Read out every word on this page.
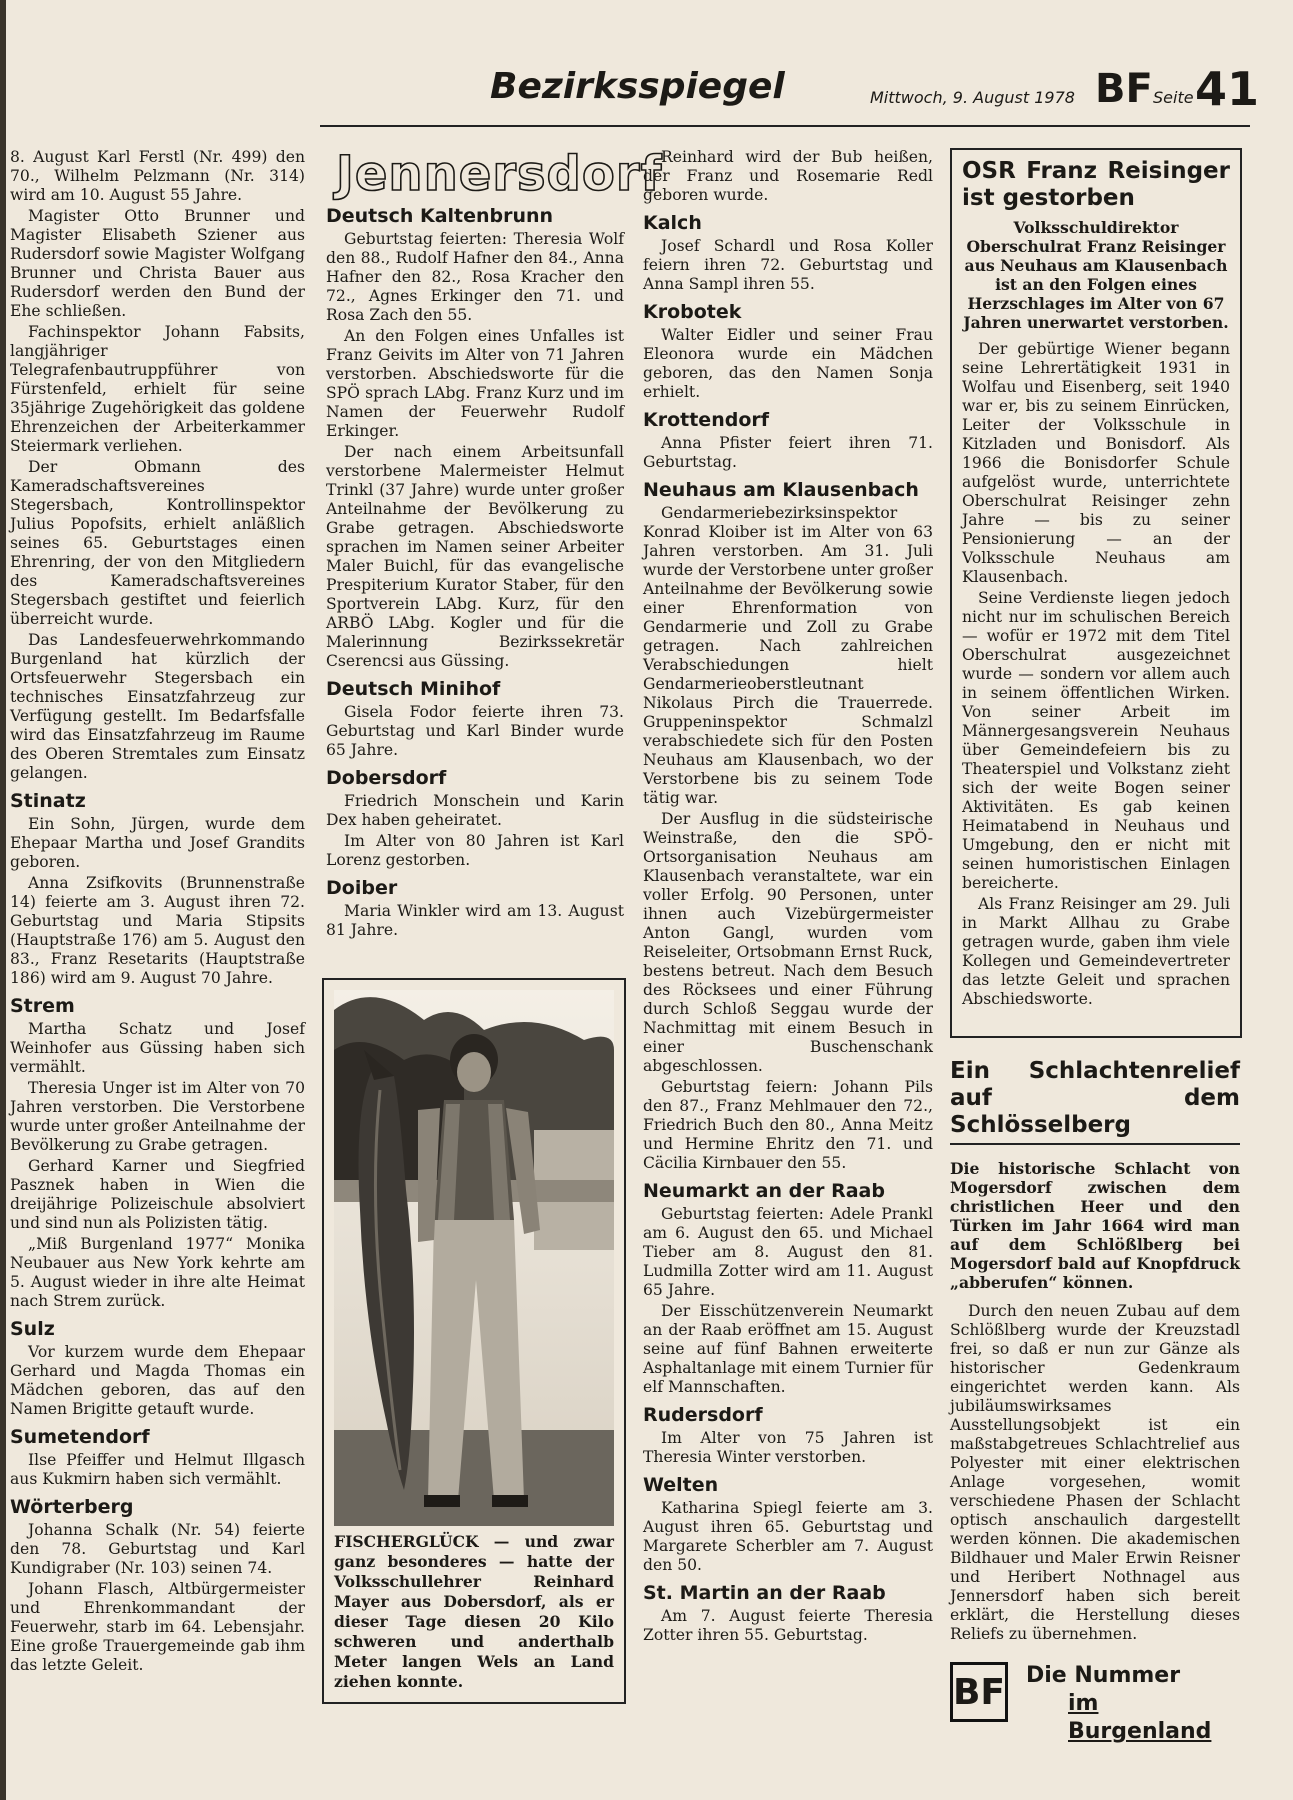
Bezirksspiegel	Mittwoch, 9. August 1978 BF Seite 41

8. August Karl Ferstl (Nr. 499) den 70., Wilhelm Pelzmann (Nr. 314) wird am 10. August 55 Jahre.

Magister Otto Brunner und Magister Elisabeth Sziener aus Rudersdorf sowie Magister Wolfgang Brunner und Christa Bauer aus Rudersdorf werden den Bund der Ehe schließen.

Fachinspektor Johann Fabsits, langjähriger Telegrafenbautruppführer von Fürstenfeld, erhielt für seine 35jährige Zugehörigkeit das goldene Ehrenzeichen der Arbeiterkammer Steiermark verliehen.

Der Obmann des Kameradschaftsvereines Stegersbach, Kontrollinspektor Julius Popofsits, erhielt anläßlich seines 65. Geburtstages einen Ehrenring, der von den Mitgliedern des Kameradschaftsvereines Stegersbach gestiftet und feierlich überreicht wurde.

Das Landesfeuerwehrkommando Burgenland hat kürzlich der Ortsfeuerwehr Stegersbach ein technisches Einsatzfahrzeug zur Verfügung gestellt. Im Bedarfsfalle wird das Einsatzfahrzeug im Raume des Oberen Stremtales zum Einsatz gelangen.

Stinatz

Ein Sohn, Jürgen, wurde dem Ehepaar Martha und Josef Grandits geboren.

Anna Zsifkovits (Brunnenstraße 14) feierte am 3. August ihren 72. Geburtstag und Maria Stipsits (Hauptstraße 176) am 5. August den 83., Franz Resetarits (Hauptstraße 186) wird am 9. August 70 Jahre.

Strem

Martha Schatz und Josef Weinhofer aus Güssing haben sich vermählt.

Theresia Unger ist im Alter von 70 Jahren verstorben. Die Verstorbene wurde unter großer Anteilnahme der Bevölkerung zu Grabe getragen.

Gerhard Karner und Siegfried Pasznek haben in Wien die dreijährige Polizeischule absolviert und sind nun als Polizisten tätig.

„Miß Burgenland 1977“ Monika Neubauer aus New York kehrte am 5. August wieder in ihre alte Heimat nach Strem zurück.

Sulz

Vor kurzem wurde dem Ehepaar Gerhard und Magda Thomas ein Mädchen geboren, das auf den Namen Brigitte getauft wurde.

Sumetendorf

Ilse Pfeiffer und Helmut Illgasch aus Kukmirn haben sich vermählt.

Wörterberg

Johanna Schalk (Nr. 54) feierte den 78. Geburtstag und Karl Kundigraber (Nr. 103) seinen 74.

Johann Flasch, Altbürgermeister und Ehrenkommandant der Feuerwehr, starb im 64. Lebensjahr. Eine große Trauergemeinde gab ihm das letzte Geleit.

Jennersdorf
Deutsch Kaltenbrunn

Geburtstag feierten: Theresia Wolf den 88., Rudolf Hafner den 84., Anna Hafner den 82., Rosa Kracher den 72., Agnes Erkinger den 71. und Rosa Zach den 55.

An den Folgen eines Unfalles ist Franz Geivits im Alter von 71 Jahren verstorben. Abschiedsworte für die SPÖ sprach LAbg. Franz Kurz und im Namen der Feuerwehr Rudolf Erkinger.

Der nach einem Arbeitsunfall verstorbene Malermeister Helmut Trinkl (37 Jahre) wurde unter großer Anteilnahme der Bevölkerung zu Grabe getragen. Abschiedsworte sprachen im Namen seiner Arbeiter Maler Buichl, für das evangelische Prespiterium Kurator Staber, für den Sportverein LAbg. Kurz, für den ARBÖ LAbg. Kogler und für die Malerinnung Bezirkssekretär Cserencsi aus Güssing.

Deutsch Minihof

Gisela Fodor feierte ihren 73. Geburtstag und Karl Binder wurde 65 Jahre.

Dobersdorf

Friedrich Monschein und Karin Dex haben geheiratet.

Im Alter von 80 Jahren ist Karl Lorenz gestorben.

Doiber

Maria Winkler wird am 13. August 81 Jahre.

FISCHERGLÜCK — und zwar ganz besonderes — hatte der Volksschullehrer Reinhard Mayer aus Dobersdorf, als er dieser Tage diesen 20 Kilo schweren und anderthalb Meter langen Wels an Land ziehen konnte.

Reinhard wird der Bub heißen, der Franz und Rosemarie Redl geboren wurde.

Kalch

Josef Schardl und Rosa Koller feiern ihren 72. Geburtstag und Anna Sampl ihren 55.

Krobotek

Walter Eidler und seiner Frau Eleonora wurde ein Mädchen geboren, das den Namen Sonja erhielt.

Krottendorf

Anna Pfister feiert ihren 71. Geburtstag.

Neuhaus am Klausenbach

Gendarmeriebezirksinspektor Konrad Kloiber ist im Alter von 63 Jahren verstorben. Am 31. Juli wurde der Verstorbene unter großer Anteilnahme der Bevölkerung sowie einer Ehrenformation von Gendarmerie und Zoll zu Grabe getragen. Nach zahlreichen Verabschiedungen hielt Gendarmerieoberstleutnant Nikolaus Pirch die Trauerrede. Gruppeninspektor Schmalzl verabschiedete sich für den Posten Neuhaus am Klausenbach, wo der Verstorbene bis zu seinem Tode tätig war.

Der Ausflug in die südsteirische Weinstraße, den die SPÖ-Ortsorganisation Neuhaus am Klausenbach veranstaltete, war ein voller Erfolg. 90 Personen, unter ihnen auch Vizebürgermeister Anton Gangl, wurden vom Reiseleiter, Ortsobmann Ernst Ruck, bestens betreut. Nach dem Besuch des Röcksees und einer Führung durch Schloß Seggau wurde der Nachmittag mit einem Besuch in einer Buschenschank abgeschlossen.

Geburtstag feiern: Johann Pils den 87., Franz Mehlmauer den 72., Friedrich Buch den 80., Anna Meitz und Hermine Ehritz den 71. und Cäcilia Kirnbauer den 55.

Neumarkt an der Raab

Geburtstag feierten: Adele Prankl am 6. August den 65. und Michael Tieber am 8. August den 81. Ludmilla Zotter wird am 11. August 65 Jahre.

Der Eisschützenverein Neumarkt an der Raab eröffnet am 15. August seine auf fünf Bahnen erweiterte Asphaltanlage mit einem Turnier für elf Mannschaften.

Rudersdorf

Im Alter von 75 Jahren ist Theresia Winter verstorben.

Welten

Katharina Spiegl feierte am 3. August ihren 65. Geburtstag und Margarete Scherbler am 7. August den 50.

St. Martin an der Raab

Am 7. August feierte Theresia Zotter ihren 55. Geburtstag.

OSR Franz Reisinger ist gestorben
Volksschuldirektor Oberschulrat Franz Reisinger aus Neuhaus am Klausenbach ist an den Folgen eines Herzschlages im Alter von 67 Jahren unerwartet verstorben.

Der gebürtige Wiener begann seine Lehrertätigkeit 1931 in Wolfau und Eisenberg, seit 1940 war er, bis zu seinem Einrücken, Leiter der Volksschule in Kitzladen und Bonisdorf. Als 1966 die Bonisdorfer Schule aufgelöst wurde, unterrichtete Oberschulrat Reisinger zehn Jahre — bis zu seiner Pensionierung — an der Volksschule Neuhaus am Klausenbach.

Seine Verdienste liegen jedoch nicht nur im schulischen Bereich — wofür er 1972 mit dem Titel Oberschulrat ausgezeichnet wurde — sondern vor allem auch in seinem öffentlichen Wirken. Von seiner Arbeit im Männergesangsverein Neuhaus über Gemeindefeiern bis zu Theaterspiel und Volkstanz zieht sich der weite Bogen seiner Aktivitäten. Es gab keinen Heimatabend in Neuhaus und Umgebung, den er nicht mit seinen humoristischen Einlagen bereicherte.

Als Franz Reisinger am 29. Juli in Markt Allhau zu Grabe getragen wurde, gaben ihm viele Kollegen und Gemeindevertreter das letzte Geleit und sprachen Abschiedsworte.

Ein Schlachtenrelief auf dem Schlösselberg
Die historische Schlacht von Mogersdorf zwischen dem christlichen Heer und den Türken im Jahr 1664 wird man auf dem Schlößlberg bei Mogersdorf bald auf Knopfdruck „abberufen“ können.

Durch den neuen Zubau auf dem Schlößlberg wurde der Kreuzstadl frei, so daß er nun zur Gänze als historischer Gedenkraum eingerichtet werden kann. Als jubiläumswirksames Ausstellungsobjekt ist ein maßstabgetreues Schlachtrelief aus Polyester mit einer elektrischen Anlage vorgesehen, womit verschiedene Phasen der Schlacht optisch anschaulich dargestellt werden können. Die akademischen Bildhauer und Maler Erwin Reisner und Heribert Nothnagel aus Jennersdorf haben sich bereit erklärt, die Herstellung dieses Reliefs zu übernehmen.

BF Die Nummer
im Burgenland
